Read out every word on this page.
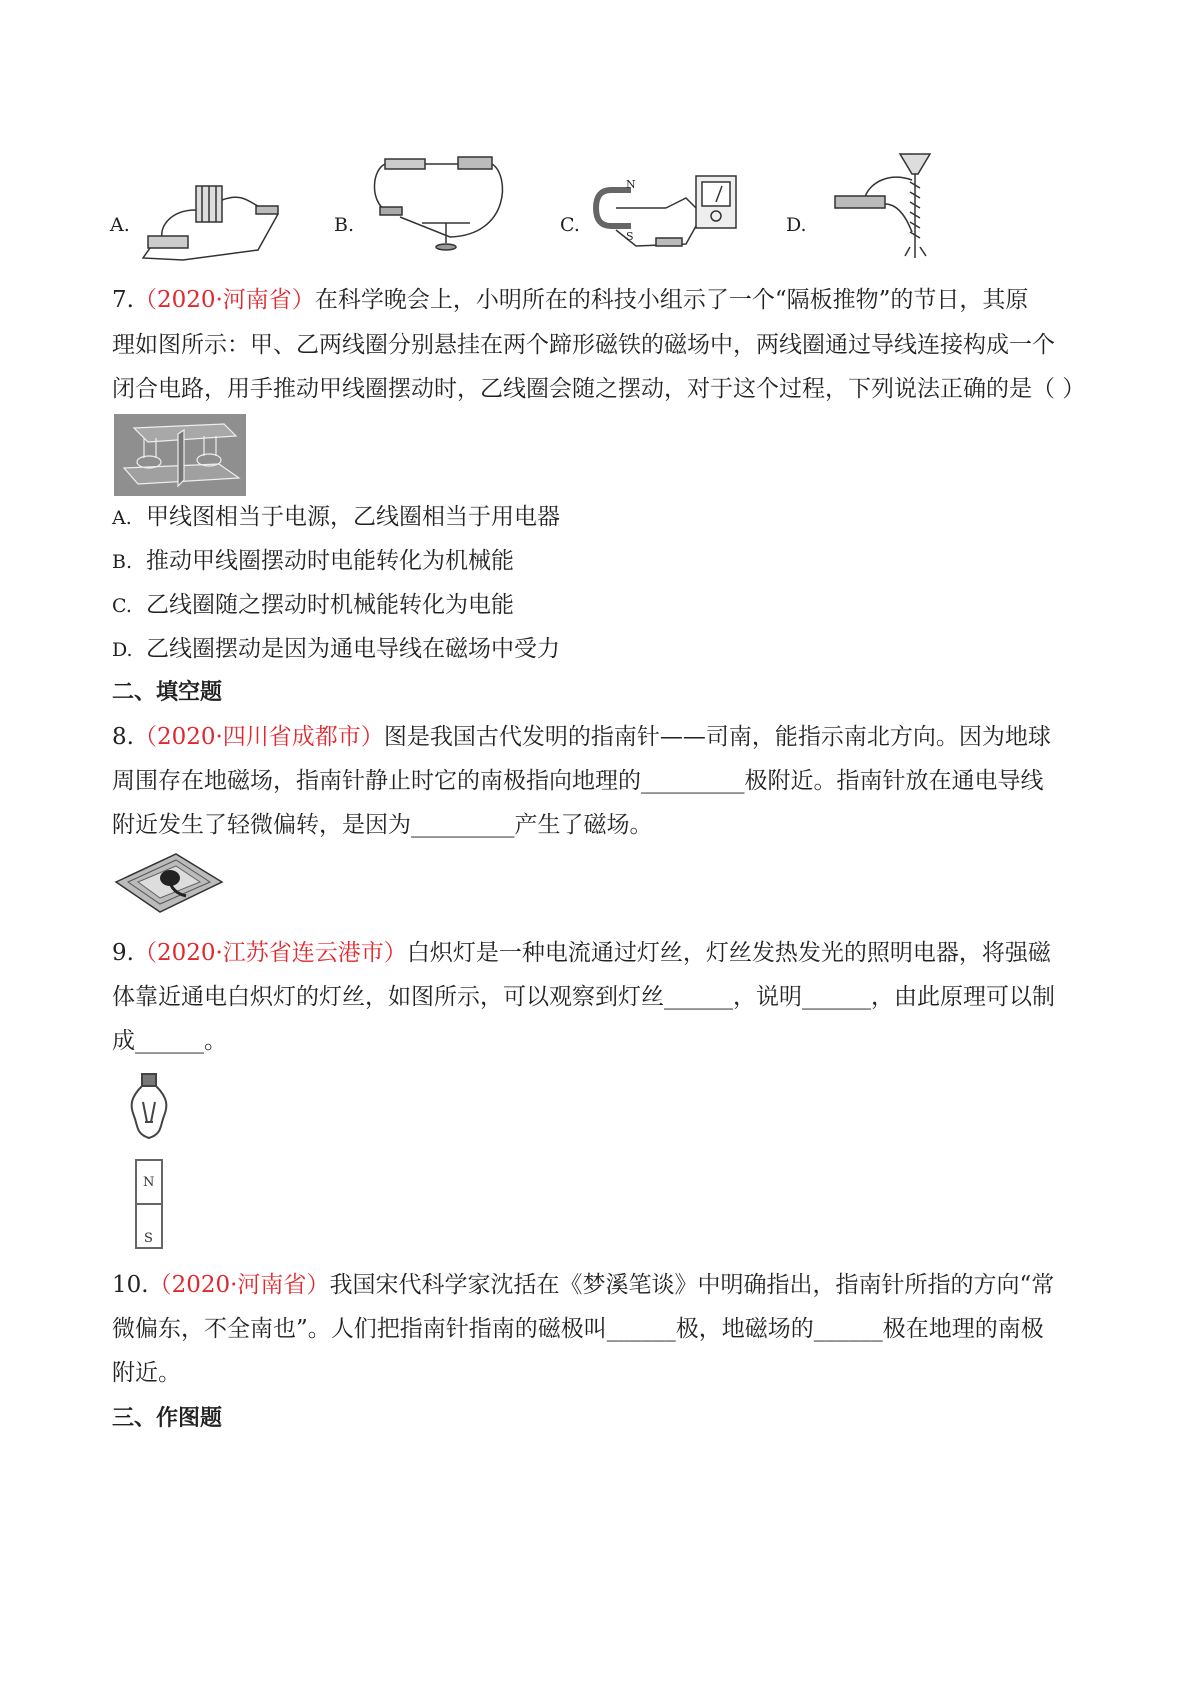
A.	B.	C.
N
S
D.
7.（2020·河南省）在科学晚会上，小明所在的科技小组示了一个“隔板推物”的节日，其原
理如图所示：甲、乙两线圈分别悬挂在两个蹄形磁铁的磁场中，两线圈通过导线连接构成一个
闭合电路，用手推动甲线圈摆动时，乙线圈会随之摆动，对于这个过程，下列说法正确的是（ ）
A. 甲线图相当于电源，乙线圈相当于用电器
B. 推动甲线圈摆动时电能转化为机械能
C. 乙线圈随之摆动时机械能转化为电能
D. 乙线圈摆动是因为通电导线在磁场中受力
二、填空题
8.（2020·四川省成都市）图是我国古代发明的指南针——司南，能指示南北方向。因为地球
周围存在地磁场，指南针静止时它的南极指向地理的_________极附近。指南针放在通电导线
附近发生了轻微偏转，是因为_________产生了磁场。
9.（2020·江苏省连云港市）白炽灯是一种电流通过灯丝，灯丝发热发光的照明电器，将强磁
体靠近通电白炽灯的灯丝，如图所示，可以观察到灯丝______，说明______，由此原理可以制
成______。
N
S
10.（2020·河南省）我国宋代科学家沈括在《梦溪笔谈》中明确指出，指南针所指的方向“常
微偏东，不全南也”。人们把指南针指南的磁极叫______极，地磁场的______极在地理的南极
附近。
三、作图题
